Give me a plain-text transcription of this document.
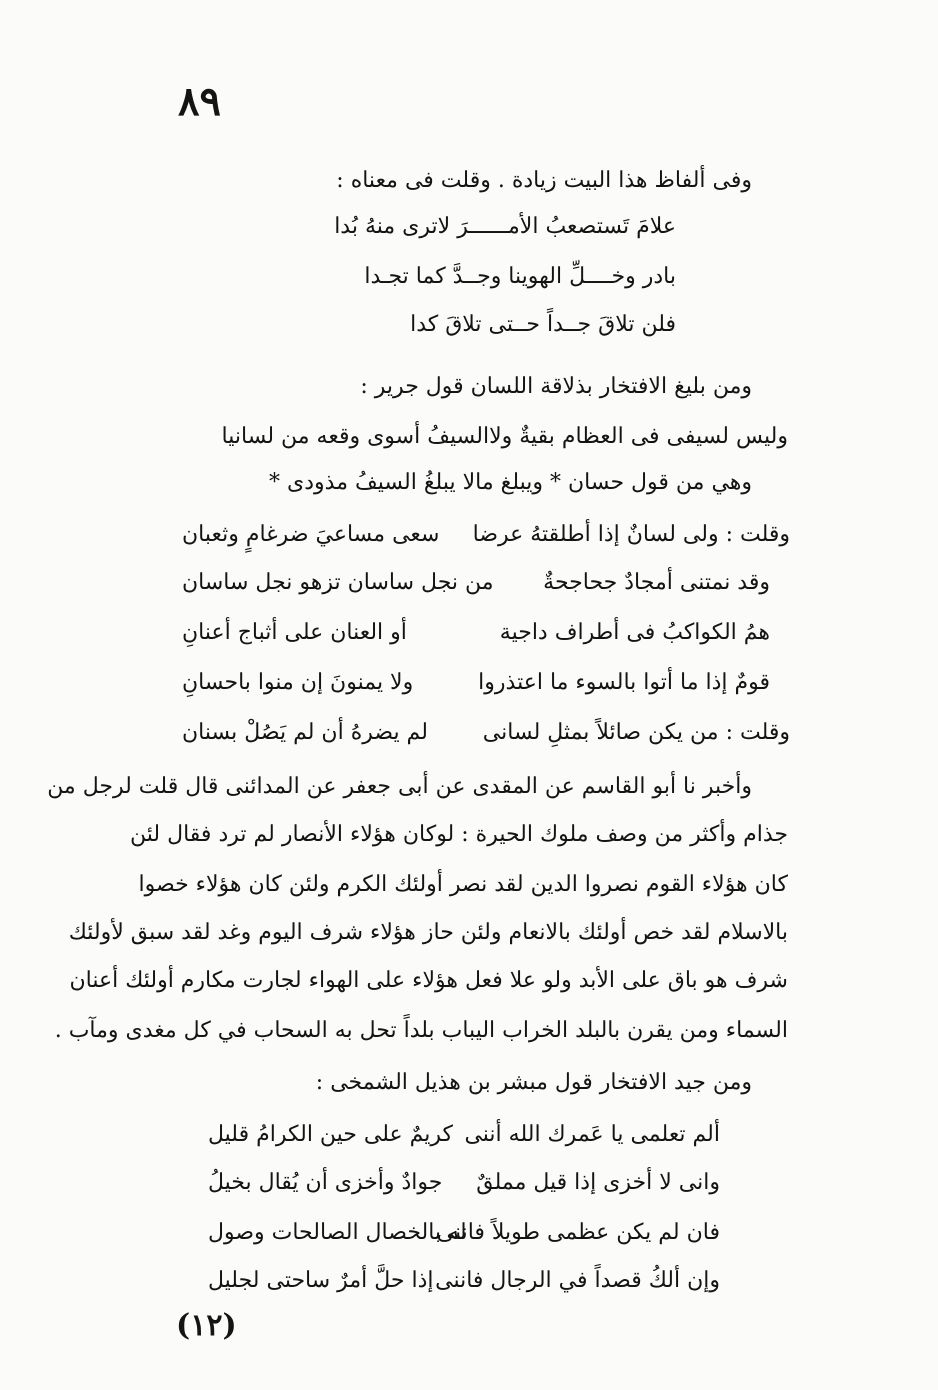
٨٩
وفى ألفاظ هذا البيت زيادة . وقلت فى معناه :
علامَ تَستصعبُ الأمــــــرَ لاترى منهُ بُدا
بادر وخــــلِّ الهوينا وجــدَّ كما تجـدا
فلن تلاقَ جــداً حــتى تلاقَ كدا
ومن بليغ الافتخار بذلاقة اللسان قول جرير :
وليس لسيفى فى العظام بقيةٌ ولاالسيفُ أسوى وقعه من لسانيا
وهي من قول حسان * ويبلغ مالا يبلغُ السيفُ مذودى *
وقلت : ولى لسانٌ إذا أطلقتهُ عرضا
سعى مساعيَ ضرغامٍ وثعبان
وقد نمتنى أمجادٌ جحاجحةٌ
من نجل ساسان تزهو نجل ساسان
همُ الكواكبُ فى أطراف داجية
أو العنان على أثباج أعنانِ
قومٌ إذا ما أتوا بالسوء ما اعتذروا
ولا يمنونَ إن منوا باحسانِ
وقلت : من يكن صائلاً بمثلِ لسانى
لم يضرهُ أن لم يَصُلْ بسنان
وأخبر نا أبو القاسم عن المقدى عن أبى جعفر عن المدائنى قال قلت لرجل من
جذام وأكثر من وصف ملوك الحيرة : لوكان هؤلاء الأنصار لم ترد فقال لئن
كان هؤلاء القوم نصروا الدين لقد نصر أولئك الكرم ولئن كان هؤلاء خصوا
بالاسلام لقد خص أولئك بالانعام ولئن حاز هؤلاء شرف اليوم وغد لقد سبق لأولئك
شرف هو باق على الأبد ولو علا فعل هؤلاء على الهواء لجارت مكارم أولئك أعنان
السماء ومن يقرن بالبلد الخراب اليباب بلداً تحل به السحاب في كل مغدى ومآب .
ومن جيد الافتخار قول مبشر بن هذيل الشمخى :
ألم تعلمى يا عَمرك الله أننى
كريمٌ على حين الكرامُ قليل
وانى لا أخزى إذا قيل مملقٌ
جوادٌ وأخزى أن يُقال بخيلُ
فان لم يكن عظمى طويلاً فاننى
له بالخصال الصالحات وصول
وإن ألكُ قصداً في الرجال فاننى
إذا حلَّ أمرٌ ساحتى لجليل
(١٢)
